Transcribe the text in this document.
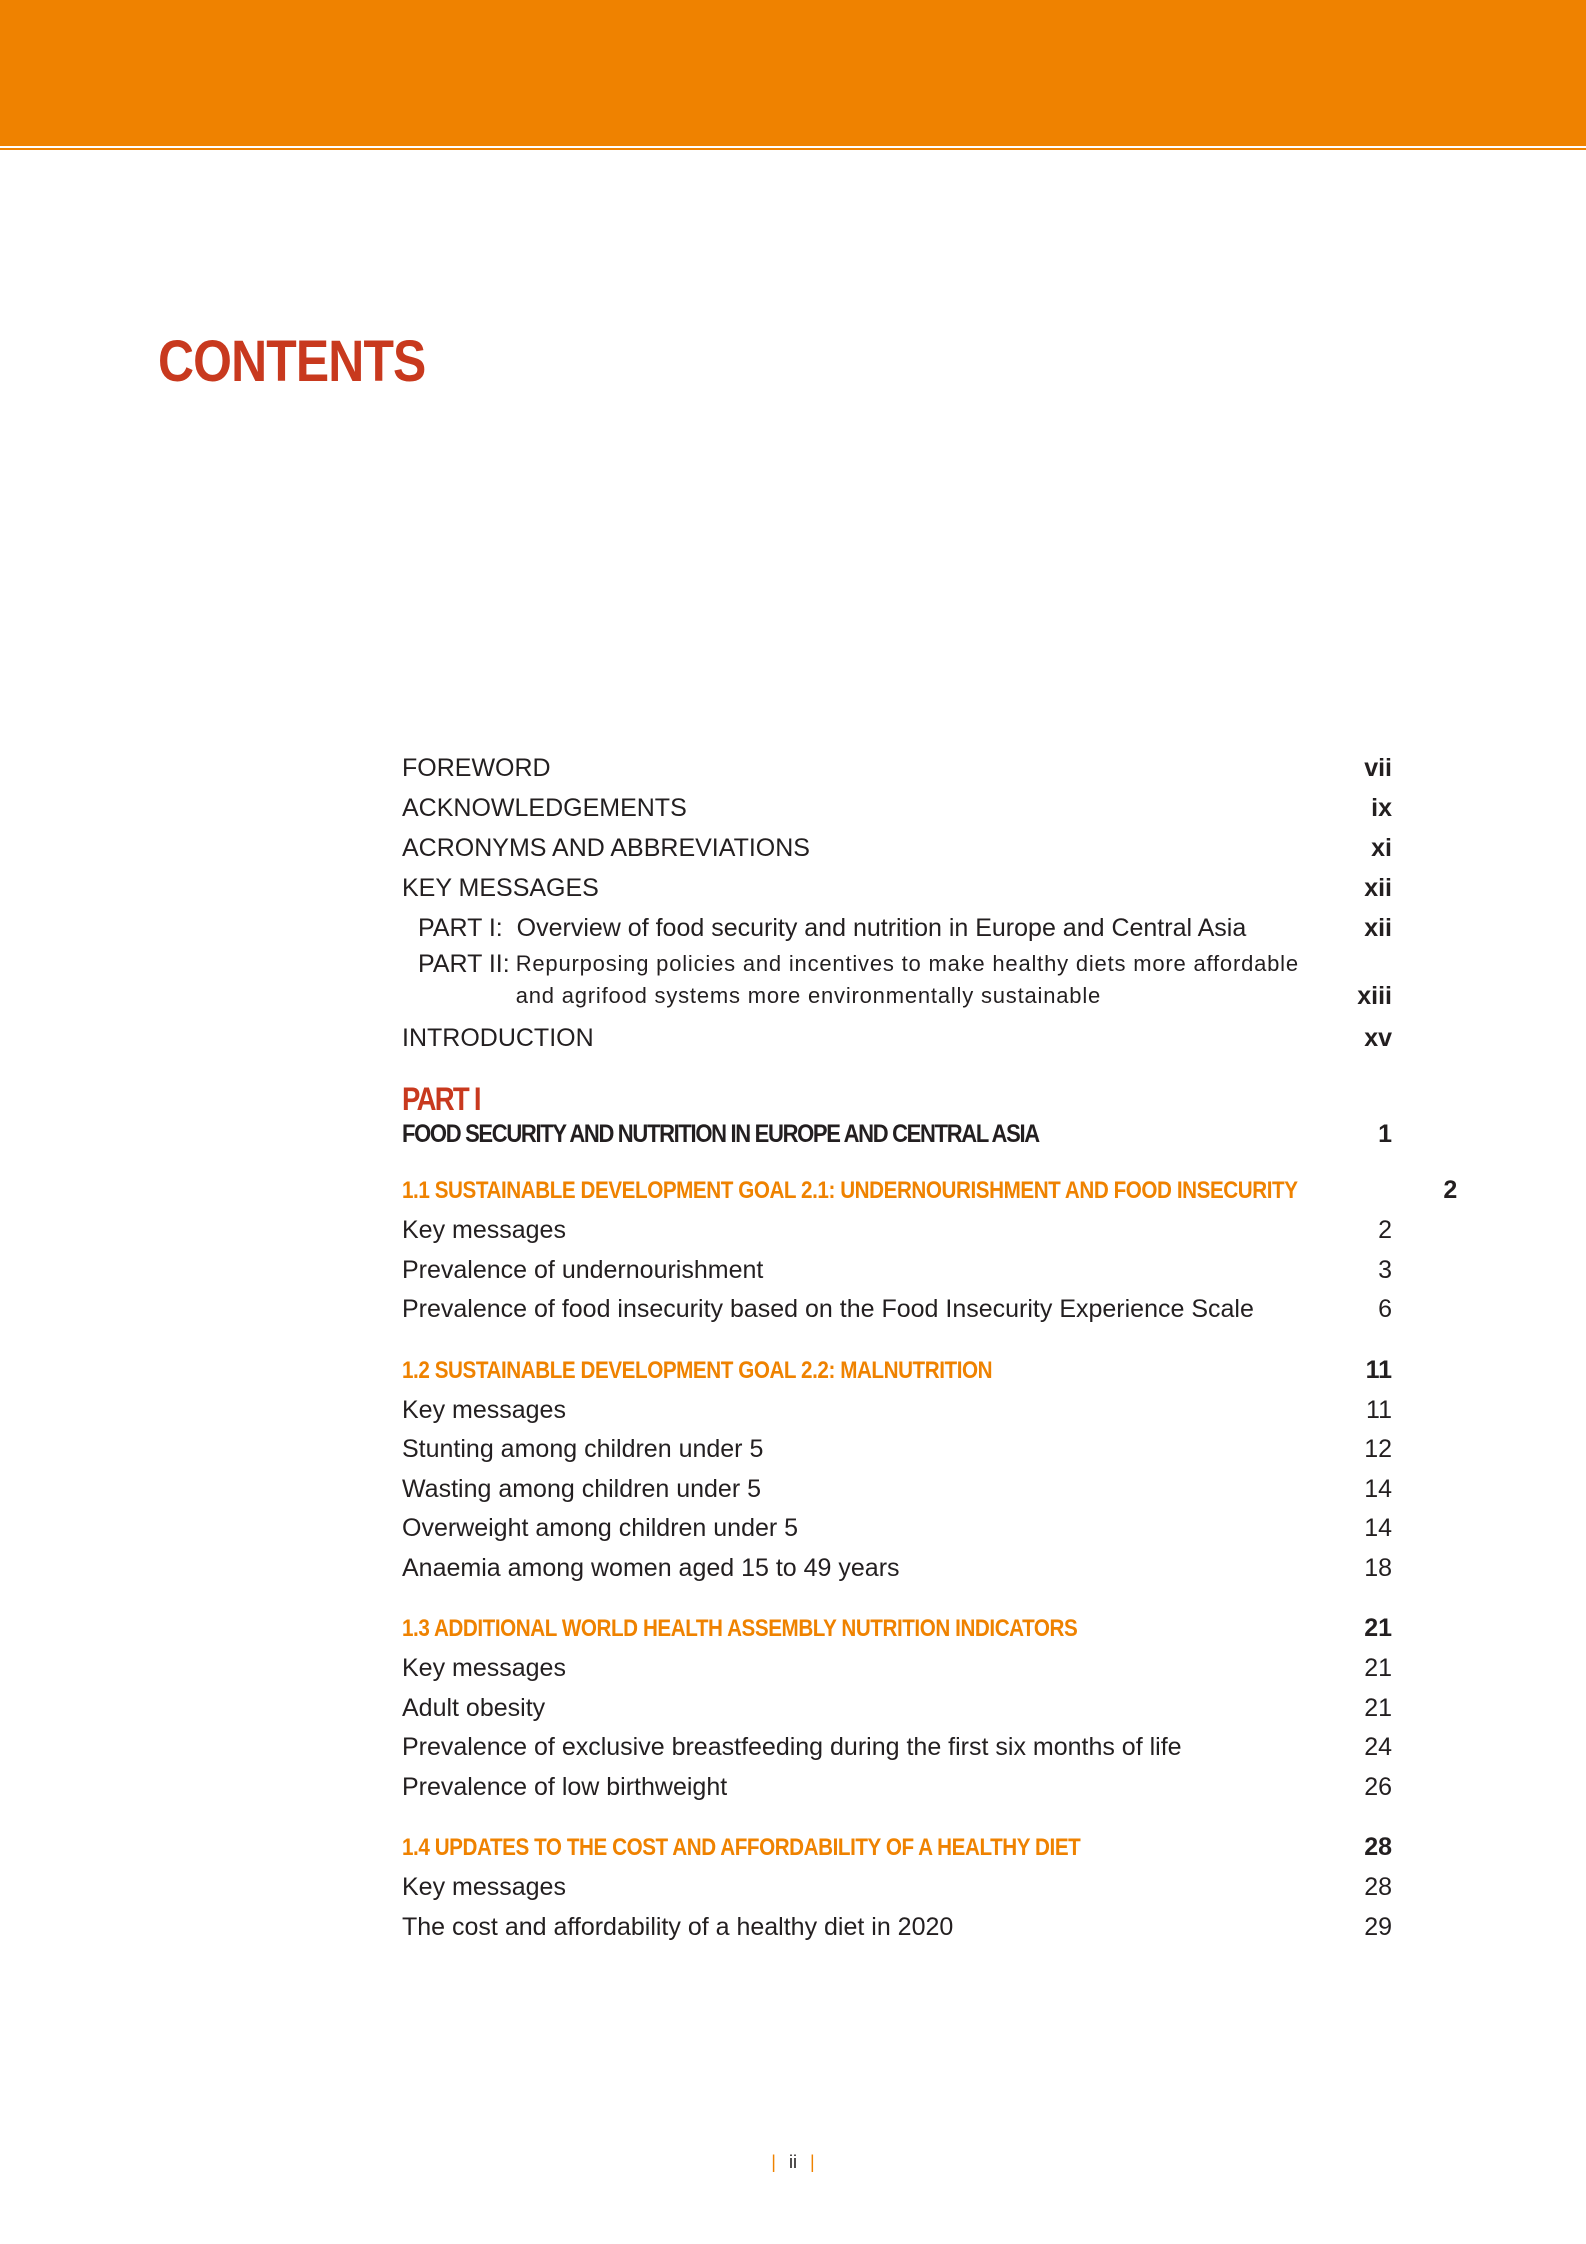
CONTENTS
FOREWORD	vii
ACKNOWLEDGEMENTS	ix
ACRONYMS AND ABBREVIATIONS	xi
KEY MESSAGES	xii
PART I: Overview of food security and nutrition in Europe and Central Asia	xii
PART II: Repurposing policies and incentives to make healthy diets more affordable
and agrifood systems more environmentally sustainable	xiii
INTRODUCTION	xv
PART I
FOOD SECURITY AND NUTRITION IN EUROPE AND CENTRAL ASIA	1
1.1 SUSTAINABLE DEVELOPMENT GOAL 2.1: UNDERNOURISHMENT AND FOOD INSECURITY	2
Key messages	2
Prevalence of undernourishment	3
Prevalence of food insecurity based on the Food Insecurity Experience Scale	6
1.2 SUSTAINABLE DEVELOPMENT GOAL 2.2: MALNUTRITION	11
Key messages	11
Stunting among children under 5	12
Wasting among children under 5	14
Overweight among children under 5	14
Anaemia among women aged 15 to 49 years	18
1.3 ADDITIONAL WORLD HEALTH ASSEMBLY NUTRITION INDICATORS	21
Key messages	21
Adult obesity	21
Prevalence of exclusive breastfeeding during the first six months of life	24
Prevalence of low birthweight	26
1.4 UPDATES TO THE COST AND AFFORDABILITY OF A HEALTHY DIET	28
Key messages	28
The cost and affordability of a healthy diet in 2020	29
| ii |
